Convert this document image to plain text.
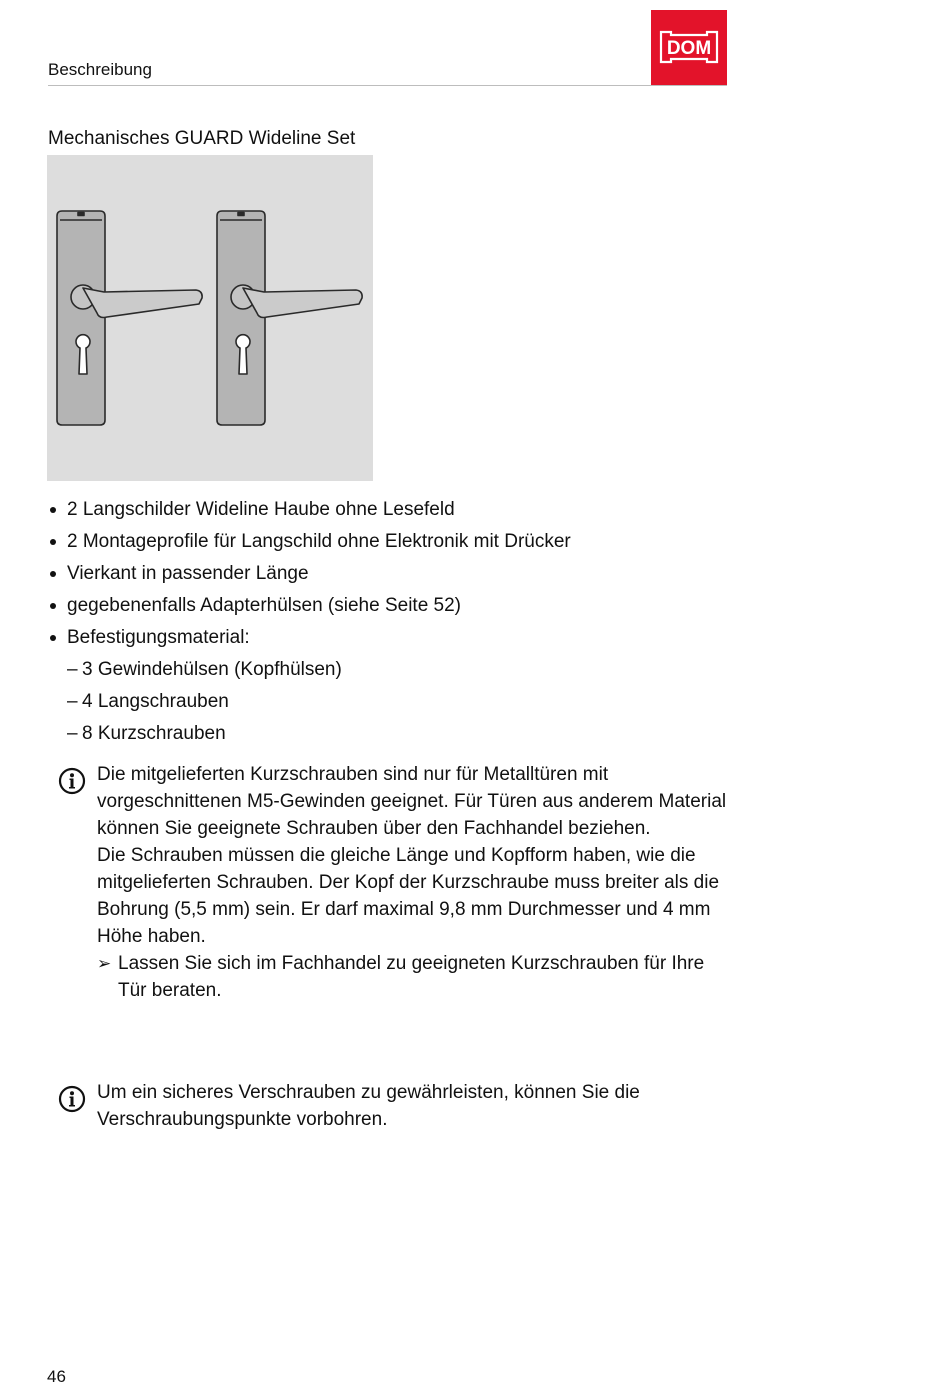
Beschreibung
DOM
Mechanisches GUARD Wideline Set
2 Langschilder Wideline Haube ohne Lesefeld
2 Montageprofile für Langschild ohne Elektronik mit Drücker
Vierkant in passender Länge
gegebenenfalls Adapterhülsen (siehe Seite 52)
Befestigungsmaterial:
– 3 Gewindehülsen (Kopfhülsen)
– 4 Langschrauben
– 8 Kurzschrauben

Die mitgelieferten Kurzschrauben sind nur für Metalltüren mit vorgeschnittenen M5-Gewinden geeignet. Für Türen aus anderem Material können Sie geeignete Schrauben über den Fachhandel beziehen.

Die Schrauben müssen die gleiche Länge und Kopfform haben, wie die mitgelieferten Schrauben. Der Kopf der Kurzschraube muss breiter als die Bohrung (5,5 mm) sein. Er darf maximal 9,8 mm Durchmesser und 4 mm Höhe haben.

➢ Lassen Sie sich im Fachhandel zu geeigneten Kurzschrauben für Ihre Tür beraten.

Um ein sicheres Verschrauben zu gewährleisten, können Sie die Verschraubungspunkte vorbohren.

46
